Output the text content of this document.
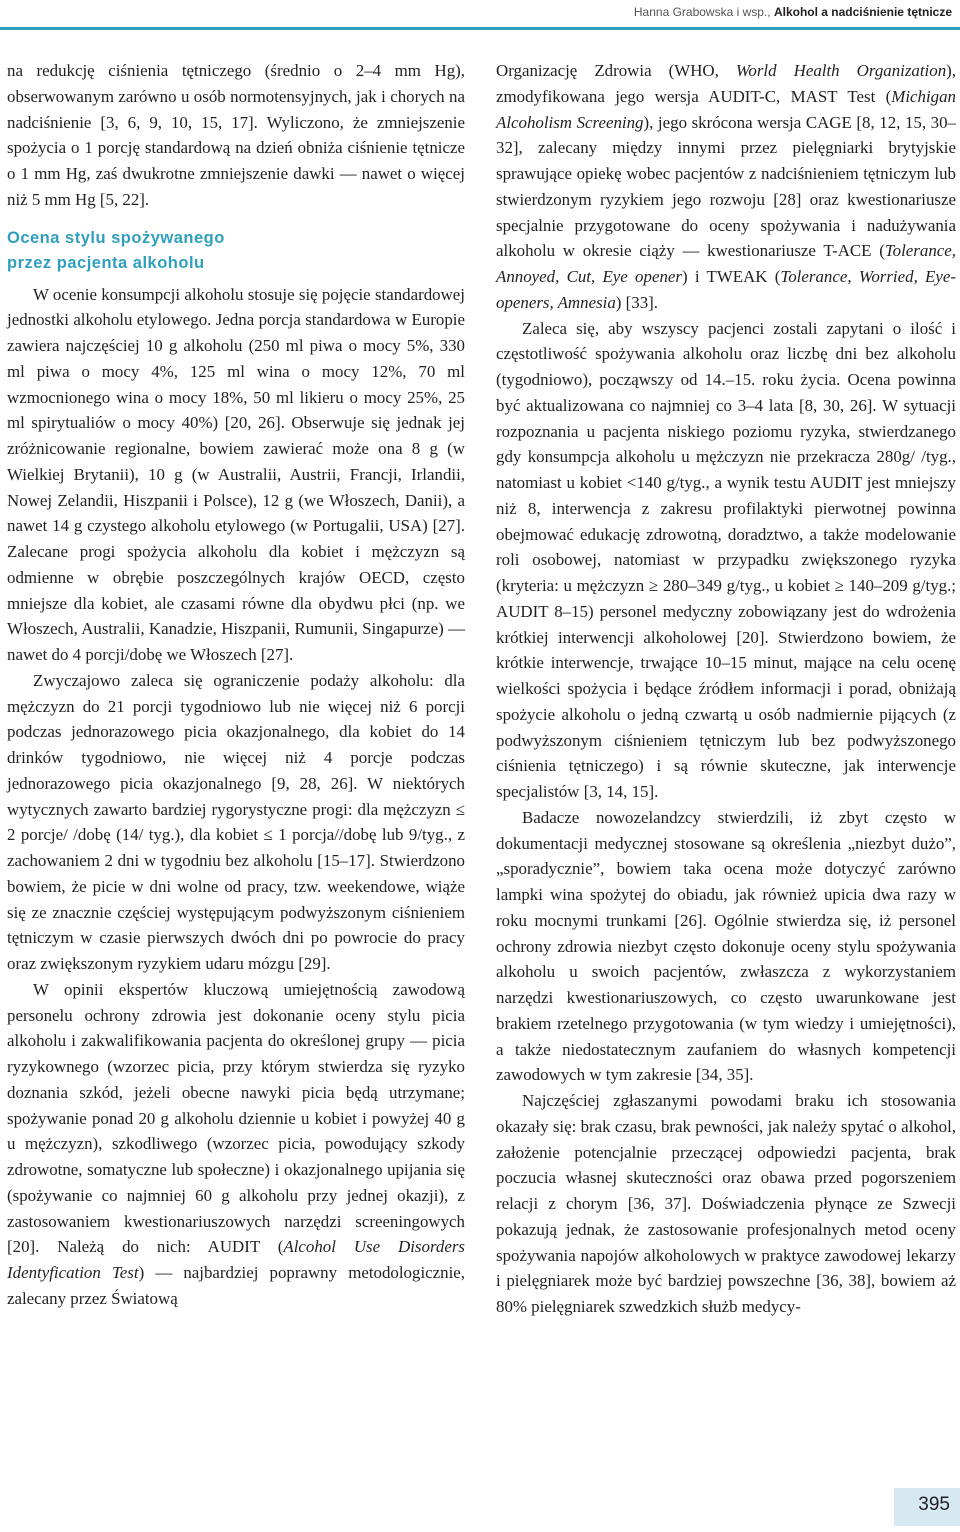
Hanna Grabowska i wsp., Alkohol a nadciśnienie tętnicze

na redukcję ciśnienia tętniczego (średnio o 2–4 mm Hg), obserwowanym zarówno u osób normotensyjnych, jak i chorych na nadciśnienie [3, 6, 9, 10, 15, 17]. Wyliczono, że zmniejszenie spożycia o 1 porcję standardową na dzień obniża ciśnienie tętnicze o 1 mm Hg, zaś dwukrotne zmniejszenie dawki — nawet o więcej niż 5 mm Hg [5, 22].

Ocena stylu spożywanego
przez pacjenta alkoholu

W ocenie konsumpcji alkoholu stosuje się pojęcie standardowej jednostki alkoholu etylowego. Jedna porcja standardowa w Europie zawiera najczęściej 10 g alkoholu (250 ml piwa o mocy 5%, 330 ml piwa o mocy 4%, 125 ml wina o mocy 12%, 70 ml wzmocnionego wina o mocy 18%, 50 ml likieru o mocy 25%, 25 ml spirytualiów o mocy 40%) [20, 26]. Obserwuje się jednak jej zróżnicowanie regionalne, bowiem zawierać może ona 8 g (w Wielkiej Brytanii), 10 g (w Australii, Austrii, Francji, Irlandii, Nowej Zelandii, Hiszpanii i Polsce), 12 g (we Włoszech, Danii), a nawet 14 g czystego alkoholu etylowego (w Portugalii, USA) [27]. Zalecane progi spożycia alkoholu dla kobiet i mężczyzn są odmienne w obrębie poszczególnych krajów OECD, często mniejsze dla kobiet, ale czasami równe dla obydwu płci (np. we Włoszech, Australii, Kanadzie, Hiszpanii, Rumunii, Singapurze) — nawet do 4 porcji/dobę we Włoszech [27].

Zwyczajowo zaleca się ograniczenie podaży alkoholu: dla mężczyzn do 21 porcji tygodniowo lub nie więcej niż 6 porcji podczas jednorazowego picia okazjonalnego, dla kobiet do 14 drinków tygodniowo, nie więcej niż 4 porcje podczas jednorazowego picia okazjonalnego [9, 28, 26]. W niektórych wytycznych zawarto bardziej rygorystyczne progi: dla mężczyzn ≤ 2 porcje/ /dobę (14/ tyg.), dla kobiet ≤ 1 porcja//dobę lub 9/tyg., z zachowaniem 2 dni w tygodniu bez alkoholu [15–17]. Stwierdzono bowiem, że picie w dni wolne od pracy, tzw. weekendowe, wiąże się ze znacznie częściej występującym podwyższonym ciśnieniem tętniczym w czasie pierwszych dwóch dni po powrocie do pracy oraz zwiększonym ryzykiem udaru mózgu [29].

W opinii ekspertów kluczową umiejętnością zawodową personelu ochrony zdrowia jest dokonanie oceny stylu picia alkoholu i zakwalifikowania pacjenta do określonej grupy — picia ryzykownego (wzorzec picia, przy którym stwierdza się ryzyko doznania szkód, jeżeli obecne nawyki picia będą utrzymane; spożywanie ponad 20 g alkoholu dziennie u kobiet i powyżej 40 g u mężczyzn), szkodliwego (wzorzec picia, powodujący szkody zdrowotne, somatyczne lub społeczne) i okazjonalnego upijania się (spożywanie co najmniej 60 g alkoholu przy jednej okazji), z zastosowaniem kwestionariuszowych narzędzi screeningowych [20]. Należą do nich: AUDIT (Alcohol Use Disorders Identyfication Test) — najbardziej poprawny metodologicznie, zalecany przez Światową

Organizację Zdrowia (WHO, World Health Organization), zmodyfikowana jego wersja AUDIT-C, MAST Test (Michigan Alcoholism Screening), jego skrócona wersja CAGE [8, 12, 15, 30–32], zalecany między innymi przez pielęgniarki brytyjskie sprawujące opiekę wobec pacjentów z nadciśnieniem tętniczym lub stwierdzonym ryzykiem jego rozwoju [28] oraz kwestionariusze specjalnie przygotowane do oceny spożywania i nadużywania alkoholu w okresie ciąży — kwestionariusze T-ACE (Tolerance, Annoyed, Cut, Eye opener) i TWEAK (Tolerance, Worried, Eye-openers, Amnesia) [33].

Zaleca się, aby wszyscy pacjenci zostali zapytani o ilość i częstotliwość spożywania alkoholu oraz liczbę dni bez alkoholu (tygodniowo), począwszy od 14.–15. roku życia. Ocena powinna być aktualizowana co najmniej co 3–4 lata [8, 30, 26]. W sytuacji rozpoznania u pacjenta niskiego poziomu ryzyka, stwierdzanego gdy konsumpcja alkoholu u mężczyzn nie przekracza 280g/ /tyg., natomiast u kobiet <140 g/tyg., a wynik testu AUDIT jest mniejszy niż 8, interwencja z zakresu profilaktyki pierwotnej powinna obejmować edukację zdrowotną, doradztwo, a także modelowanie roli osobowej, natomiast w przypadku zwiększonego ryzyka (kryteria: u mężczyzn ≥ 280–349 g/tyg., u kobiet ≥ 140–209 g/tyg.; AUDIT 8–15) personel medyczny zobowiązany jest do wdrożenia krótkiej interwencji alkoholowej [20]. Stwierdzono bowiem, że krótkie interwencje, trwające 10–15 minut, mające na celu ocenę wielkości spożycia i będące źródłem informacji i porad, obniżają spożycie alkoholu o jedną czwartą u osób nadmiernie pijących (z podwyższonym ciśnieniem tętniczym lub bez podwyższonego ciśnienia tętniczego) i są równie skuteczne, jak interwencje specjalistów [3, 14, 15].

Badacze nowozelandzcy stwierdzili, iż zbyt często w dokumentacji medycznej stosowane są określenia „niezbyt dużo”, „sporadycznie”, bowiem taka ocena może dotyczyć zarówno lampki wina spożytej do obiadu, jak również upicia dwa razy w roku mocnymi trunkami [26]. Ogólnie stwierdza się, iż personel ochrony zdrowia niezbyt często dokonuje oceny stylu spożywania alkoholu u swoich pacjentów, zwłaszcza z wykorzystaniem narzędzi kwestionariuszowych, co często uwarunkowane jest brakiem rzetelnego przygotowania (w tym wiedzy i umiejętności), a także niedostatecznym zaufaniem do własnych kompetencji zawodowych w tym zakresie [34, 35].

Najczęściej zgłaszanymi powodami braku ich stosowania okazały się: brak czasu, brak pewności, jak należy spytać o alkohol, założenie potencjalnie przeczącej odpowiedzi pacjenta, brak poczucia własnej skuteczności oraz obawa przed pogorszeniem relacji z chorym [36, 37]. Doświadczenia płynące ze Szwecji pokazują jednak, że zastosowanie profesjonalnych metod oceny spożywania napojów alkoholowych w praktyce zawodowej lekarzy i pielęgniarek może być bardziej powszechne [36, 38], bowiem aż 80% pielęgniarek szwedzkich służb medycy-

395
